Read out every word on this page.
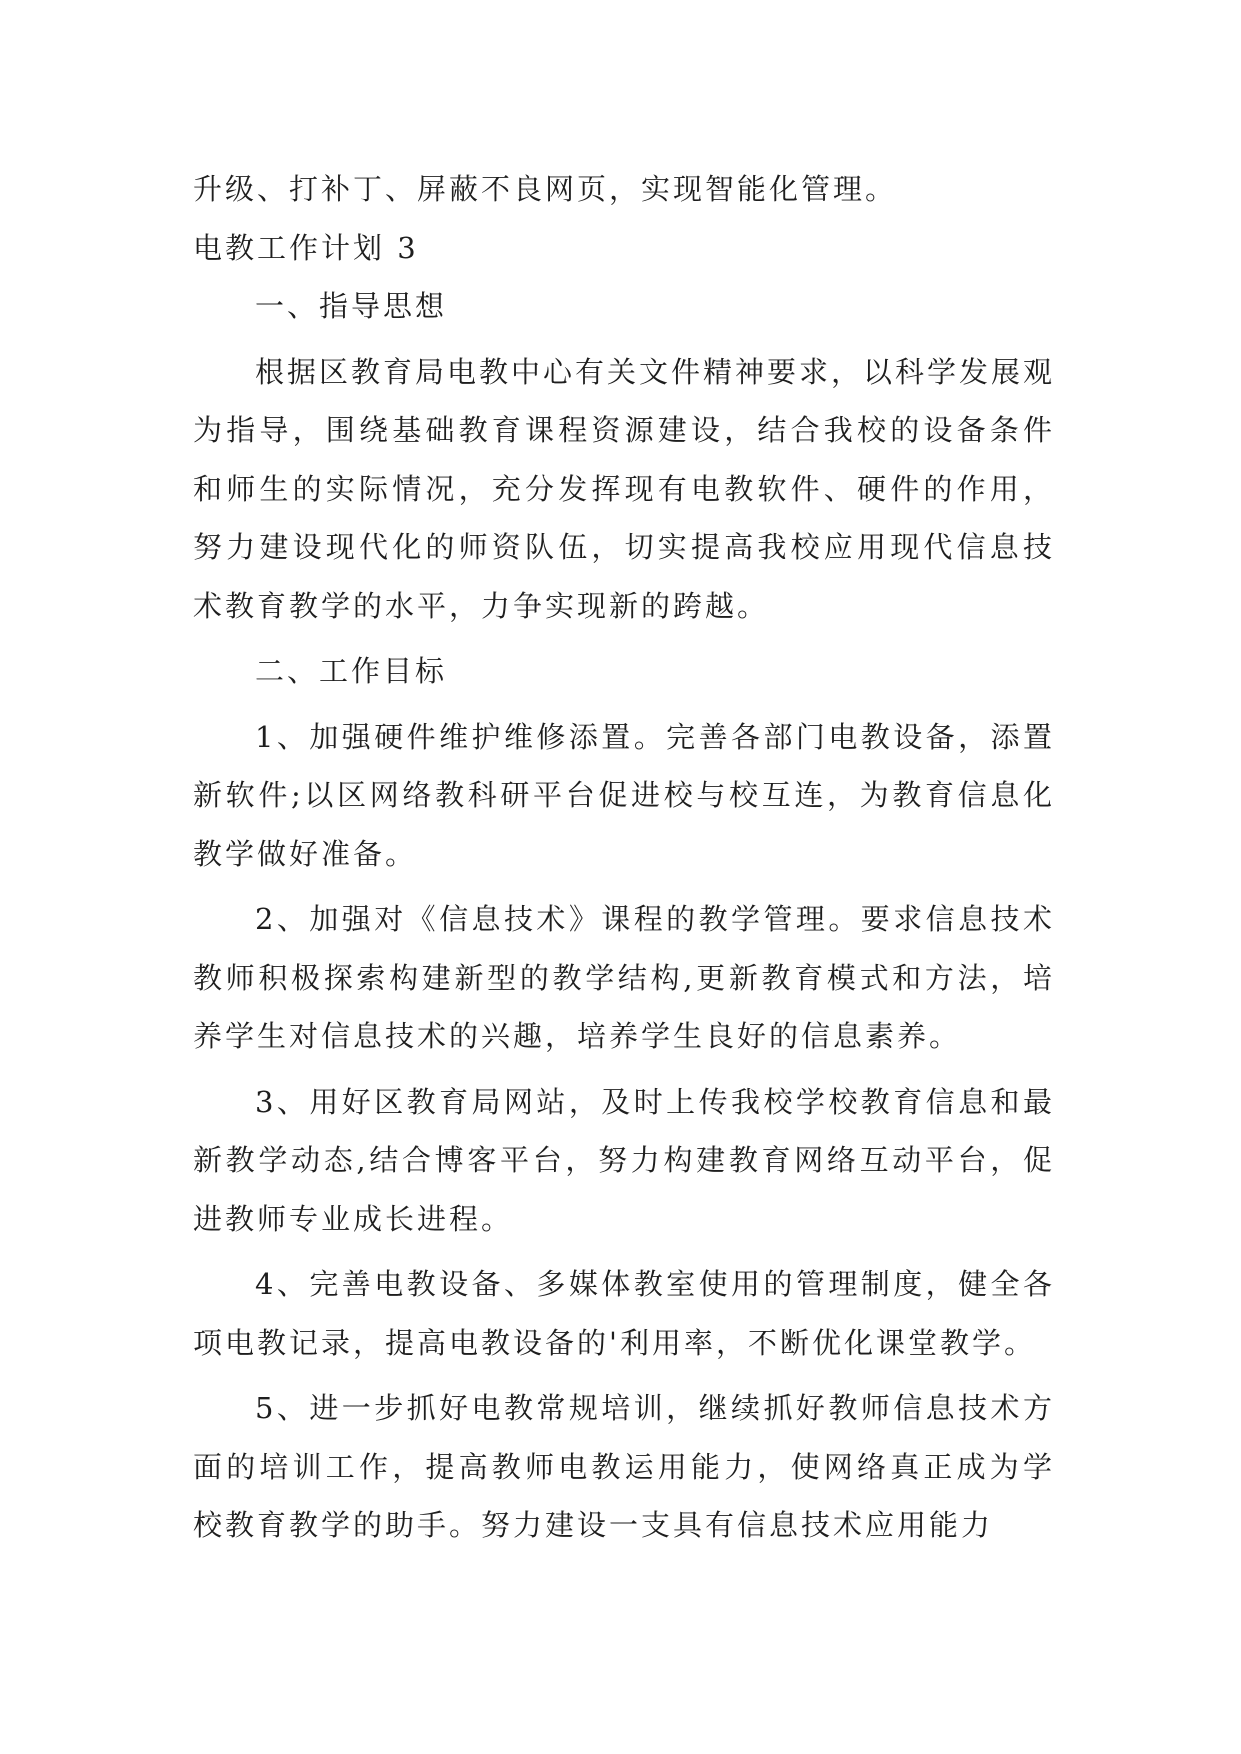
升级、打补丁、屏蔽不良网页，实现智能化管理。

电教工作计划 3

一、指导思想

根据区教育局电教中心有关文件精神要求，以科学发展观为指导，围绕基础教育课程资源建设，结合我校的设备条件和师生的实际情况，充分发挥现有电教软件、硬件的作用，努力建设现代化的师资队伍，切实提高我校应用现代信息技术教育教学的水平，力争实现新的跨越。

二、工作目标

1、加强硬件维护维修添置。完善各部门电教设备，添置新软件;以区网络教科研平台促进校与校互连，为教育信息化教学做好准备。

2、加强对《信息技术》课程的教学管理。要求信息技术教师积极探索构建新型的教学结构,更新教育模式和方法，培养学生对信息技术的兴趣，培养学生良好的信息素养。

3、用好区教育局网站，及时上传我校学校教育信息和最新教学动态,结合博客平台，努力构建教育网络互动平台，促进教师专业成长进程。

4、完善电教设备、多媒体教室使用的管理制度，健全各项电教记录，提高电教设备的'利用率，不断优化课堂教学。

5、进一步抓好电教常规培训，继续抓好教师信息技术方面的培训工作，提高教师电教运用能力，使网络真正成为学校教育教学的助手。努力建设一支具有信息技术应用能力
